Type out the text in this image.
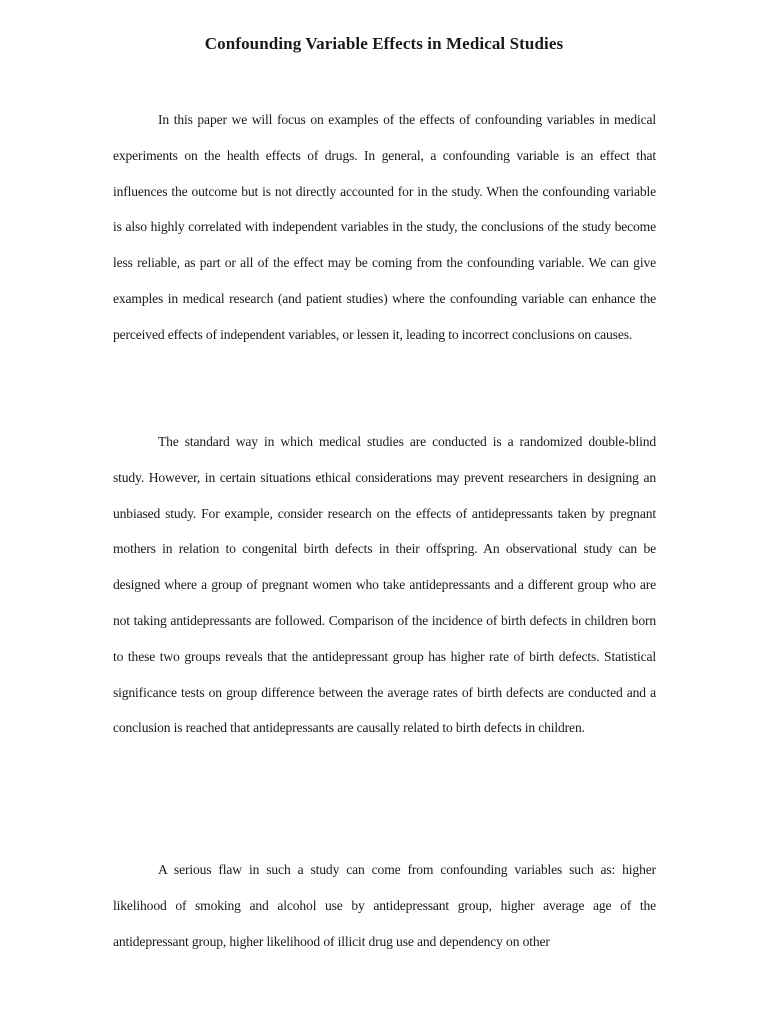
Confounding Variable Effects in Medical Studies

In this paper we will focus on examples of the effects of confounding variables in medical experiments on the health effects of drugs. In general, a confounding variable is an effect that influences the outcome but is not directly accounted for in the study. When the confounding variable is also highly correlated with independent variables in the study, the conclusions of the study become less reliable, as part or all of the effect may be coming from the confounding variable. We can give examples in medical research (and patient studies) where the confounding variable can enhance the perceived effects of independent variables, or lessen it, leading to incorrect conclusions on causes.

The standard way in which medical studies are conducted is a randomized double-blind study. However, in certain situations ethical considerations may prevent researchers in designing an unbiased study. For example, consider research on the effects of antidepressants taken by pregnant mothers in relation to congenital birth defects in their offspring. An observational study can be designed where a group of pregnant women who take antidepressants and a different group who are not taking antidepressants are followed. Comparison of the incidence of birth defects in children born to these two groups reveals that the antidepressant group has higher rate of birth defects. Statistical significance tests on group difference between the average rates of birth defects are conducted and a conclusion is reached that antidepressants are causally related to birth defects in children.

A serious flaw in such a study can come from confounding variables such as: higher likelihood of smoking and alcohol use by antidepressant group, higher average age of the antidepressant group, higher likelihood of illicit drug use and dependency on other
